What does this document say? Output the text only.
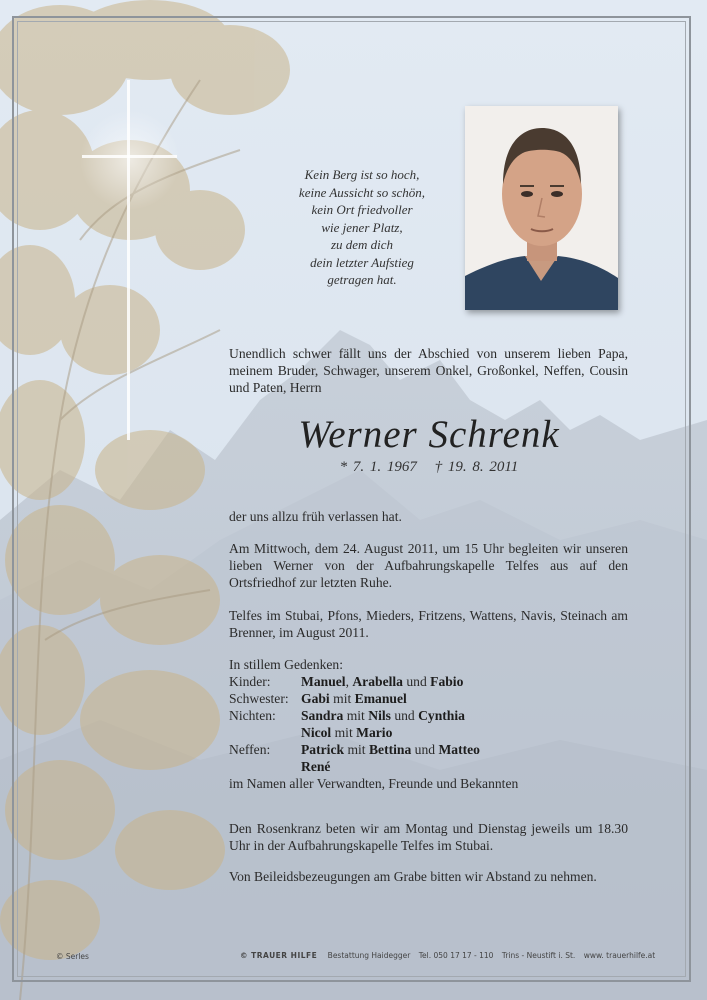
Kein Berg ist so hoch,
keine Aussicht so schön,
kein Ort friedvoller
wie jener Platz,
zu dem dich
dein letzter Aufstieg
getragen hat.
Unendlich schwer fällt uns der Abschied von unserem lieben Papa, meinem Bruder, Schwager, unserem Onkel, Großonkel, Neffen, Cousin und Paten, Herrn
Werner Schrenk
* 7. 1. 1967 † 19. 8. 2011
der uns allzu früh verlassen hat.
Am Mittwoch, dem 24. August 2011, um 15 Uhr begleiten wir unseren lieben Werner von der Aufbahrungskapelle Telfes aus auf den Ortsfriedhof zur letzten Ruhe.
Telfes im Stubai, Pfons, Mieders, Fritzens, Wattens, Navis, Steinach am Brenner, im August 2011.
In stillem Gedenken:
Kinder:	Manuel, Arabella und Fabio
Schwester: Gabi mit Emanuel
Nichten:	Sandra mit Nils und Cynthia
Nicol mit Mario
Neffen:	Patrick mit Bettina und Matteo
René
im Namen aller Verwandten, Freunde und Bekannten
Den Rosenkranz beten wir am Montag und Dienstag jeweils um 18.30 Uhr in der Aufbahrungskapelle Telfes im Stubai.
Von Beileidsbezeugungen am Grabe bitten wir Abstand zu nehmen.
© Serles	© TRAUER HILFE Bestattung Haidegger Tel. 050 17 17 - 110 Trins - Neustift i. St. www. trauerhilfe.at
